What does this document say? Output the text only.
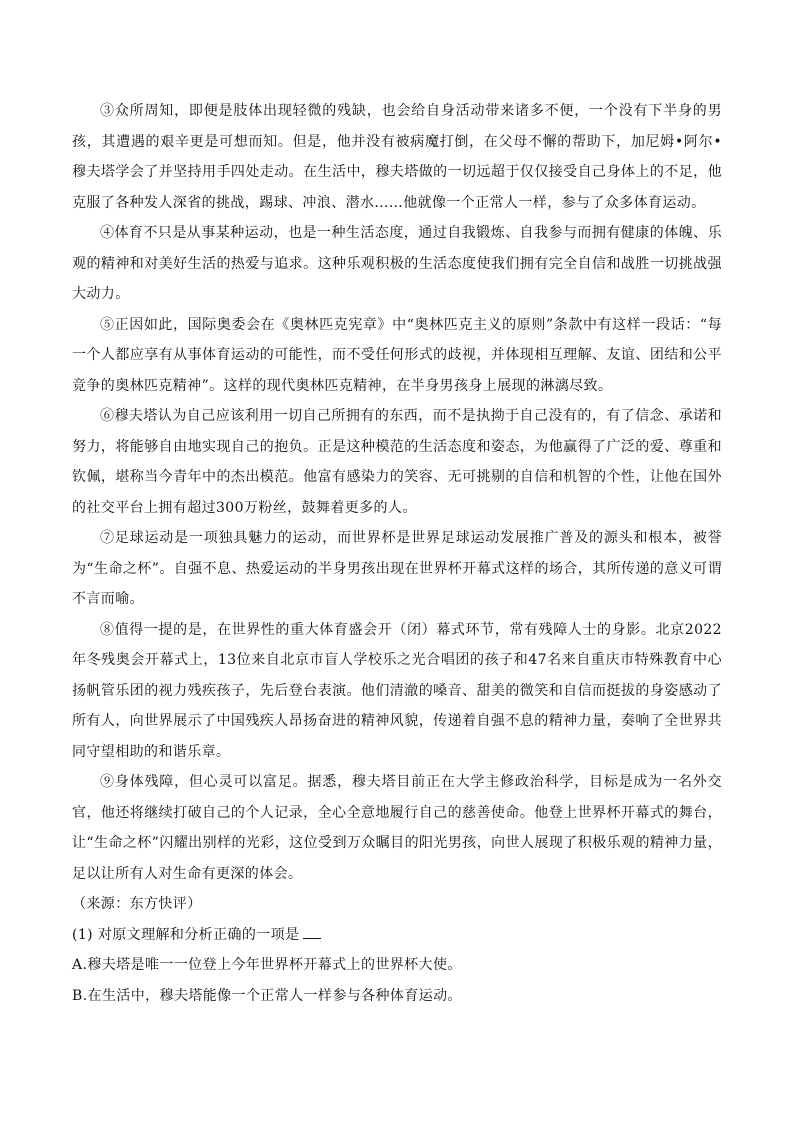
③众所周知，即便是肢体出现轻微的残缺，也会给自身活动带来诸多不便，一个没有下半身的男孩，其遭遇的艰辛更是可想而知。但是，他并没有被病魔打倒，在父母不懈的帮助下，加尼姆•阿尔•穆夫塔学会了并坚持用手四处走动。在生活中，穆夫塔做的一切远超于仅仅接受自己身体上的不足，他克服了各种发人深省的挑战，踢球、冲浪、潜水……他就像一个正常人一样，参与了众多体育运动。

④体育不只是从事某种运动，也是一种生活态度，通过自我锻炼、自我参与而拥有健康的体魄、乐观的精神和对美好生活的热爱与追求。这种乐观积极的生活态度使我们拥有完全自信和战胜一切挑战强大动力。

⑤正因如此，国际奥委会在《奥林匹克宪章》中“奥林匹克主义的原则”条款中有这样一段话：“每一个人都应享有从事体育运动的可能性，而不受任何形式的歧视，并体现相互理解、友谊、团结和公平竞争的奥林匹克精神”。这样的现代奥林匹克精神，在半身男孩身上展现的淋漓尽致。

⑥穆夫塔认为自己应该利用一切自己所拥有的东西，而不是执拗于自己没有的，有了信念、承诺和努力，将能够自由地实现自己的抱负。正是这种模范的生活态度和姿态，为他赢得了广泛的爱、尊重和钦佩，堪称当今青年中的杰出模范。他富有感染力的笑容、无可挑剔的自信和机智的个性，让他在国外的社交平台上拥有超过300万粉丝，鼓舞着更多的人。

⑦足球运动是一项独具魅力的运动，而世界杯是世界足球运动发展推广普及的源头和根本，被誉为“生命之杯”。自强不息、热爱运动的半身男孩出现在世界杯开幕式这样的场合，其所传递的意义可谓不言而喻。

⑧值得一提的是，在世界性的重大体育盛会开（闭）幕式环节，常有残障人士的身影。北京2022年冬残奥会开幕式上，13位来自北京市盲人学校乐之光合唱团的孩子和47名来自重庆市特殊教育中心扬帆管乐团的视力残疾孩子，先后登台表演。他们清澈的嗓音、甜美的微笑和自信而挺拔的身姿感动了所有人，向世界展示了中国残疾人昂扬奋进的精神风貌，传递着自强不息的精神力量，奏响了全世界共同守望相助的和谐乐章。

⑨身体残障，但心灵可以富足。据悉，穆夫塔目前正在大学主修政治科学，目标是成为一名外交官，他还将继续打破自己的个人记录，全心全意地履行自己的慈善使命。他登上世界杯开幕式的舞台，让“生命之杯”闪耀出别样的光彩，这位受到万众瞩目的阳光男孩，向世人展现了积极乐观的精神力量，足以让所有人对生命有更深的体会。

（来源：东方快评）

(1) 对原文理解和分析正确的一项是

A.穆夫塔是唯一一位登上今年世界杯开幕式上的世界杯大使。

B.在生活中，穆夫塔能像一个正常人一样参与各种体育运动。
